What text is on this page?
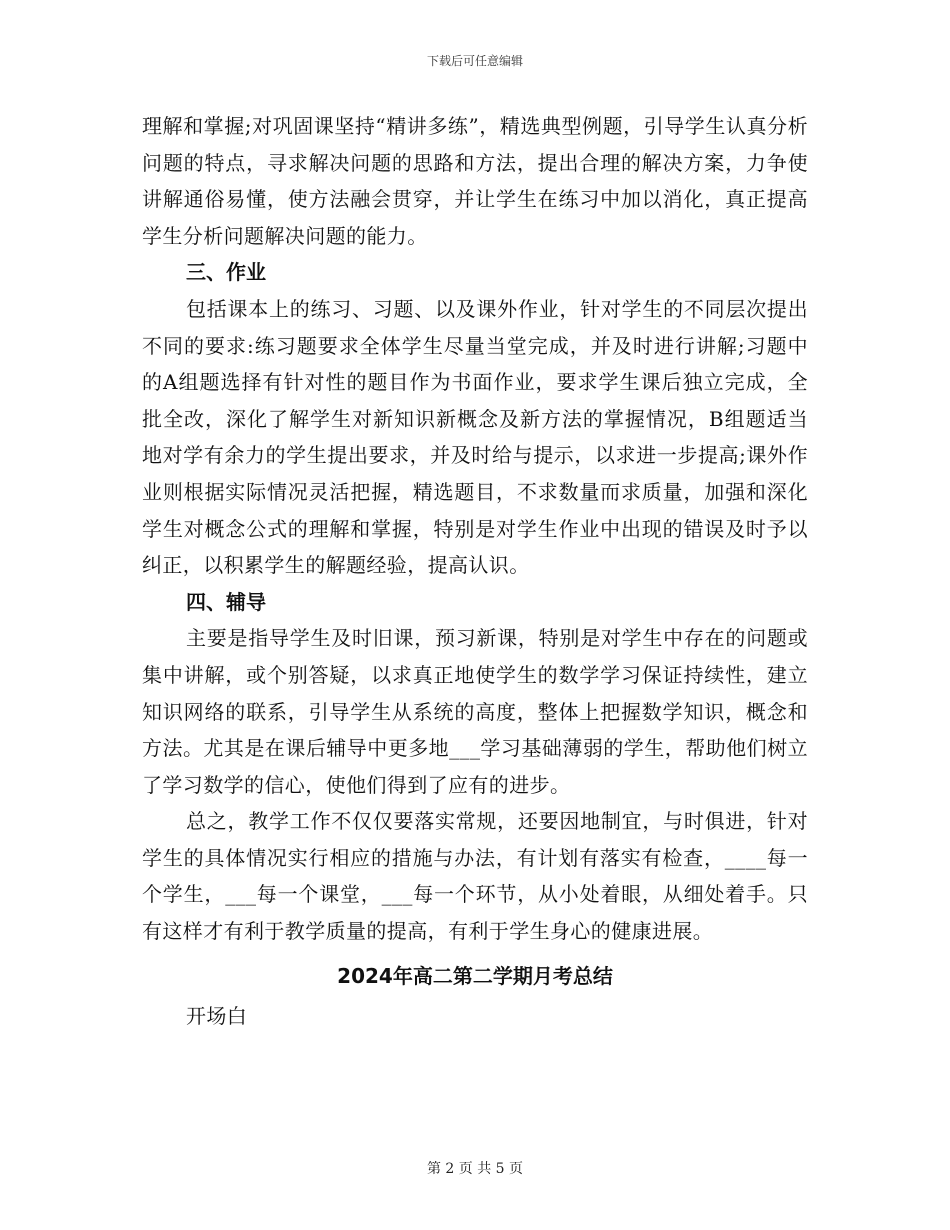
下载后可任意编辑

理解和掌握;对巩固课坚持“精讲多练”，精选典型例题，引导学生认真分析问题的特点，寻求解决问题的思路和方法，提出合理的解决方案，力争使讲解通俗易懂，使方法融会贯穿，并让学生在练习中加以消化，真正提高学生分析问题解决问题的能力。

三、作业

包括课本上的练习、习题、以及课外作业，针对学生的不同层次提出不同的要求:练习题要求全体学生尽量当堂完成，并及时进行讲解;习题中的A组题选择有针对性的题目作为书面作业，要求学生课后独立完成，全批全改，深化了解学生对新知识新概念及新方法的掌握情况，B组题适当地对学有余力的学生提出要求，并及时给与提示，以求进一步提高;课外作业则根据实际情况灵活把握，精选题目，不求数量而求质量，加强和深化学生对概念公式的理解和掌握，特别是对学生作业中出现的错误及时予以纠正，以积累学生的解题经验，提高认识。

四、辅导

主要是指导学生及时旧课，预习新课，特别是对学生中存在的问题或集中讲解，或个别答疑，以求真正地使学生的数学学习保证持续性，建立知识网络的联系，引导学生从系统的高度，整体上把握数学知识，概念和方法。尤其是在课后辅导中更多地___学习基础薄弱的学生，帮助他们树立了学习数学的信心，使他们得到了应有的进步。

总之，教学工作不仅仅要落实常规，还要因地制宜，与时俱进，针对学生的具体情况实行相应的措施与办法，有计划有落实有检查，____每一个学生，___每一个课堂，___每一个环节，从小处着眼，从细处着手。只有这样才有利于教学质量的提高，有利于学生身心的健康进展。

2024年高二第二学期月考总结

开场白

第 2 页 共 5 页
